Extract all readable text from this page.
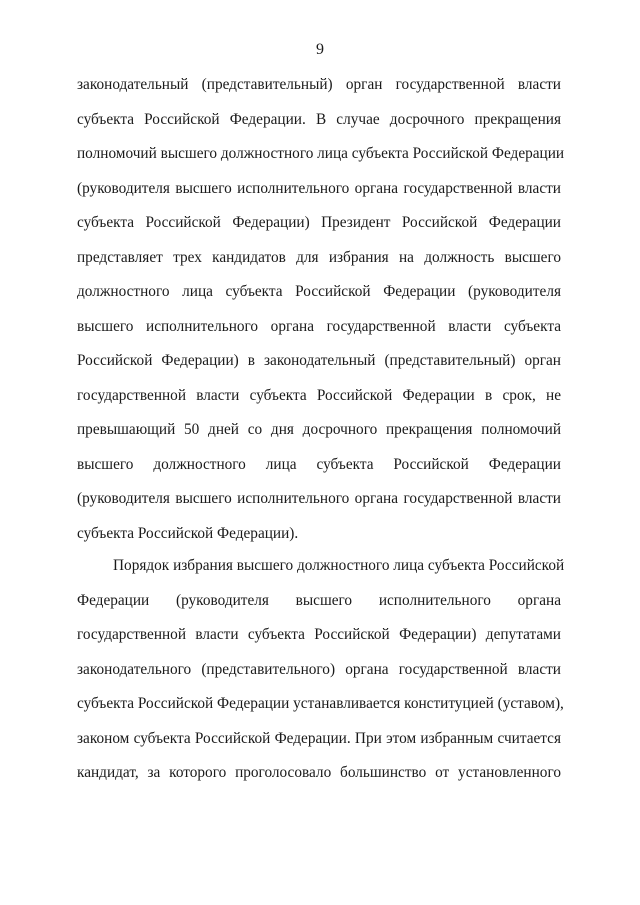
9
законодательный (представительный) орган государственной власти
субъекта Российской Федерации. В случае досрочного прекращения
полномочий высшего должностного лица субъекта Российской Федерации
(руководителя высшего исполнительного органа государственной власти
субъекта Российской Федерации) Президент Российской Федерации
представляет трех кандидатов для избрания на должность высшего
должностного лица субъекта Российской Федерации (руководителя
высшего исполнительного органа государственной власти субъекта
Российской Федерации) в законодательный (представительный) орган
государственной власти субъекта Российской Федерации в срок, не
превышающий 50 дней со дня досрочного прекращения полномочий
высшего должностного лица субъекта Российской Федерации
(руководителя высшего исполнительного органа государственной власти
субъекта Российской Федерации).
Порядок избрания высшего должностного лица субъекта Российской
Федерации (руководителя высшего исполнительного органа
государственной власти субъекта Российской Федерации) депутатами
законодательного (представительного) органа государственной власти
субъекта Российской Федерации устанавливается конституцией (уставом),
законом субъекта Российской Федерации. При этом избранным считается
кандидат, за которого проголосовало большинство от установленного
